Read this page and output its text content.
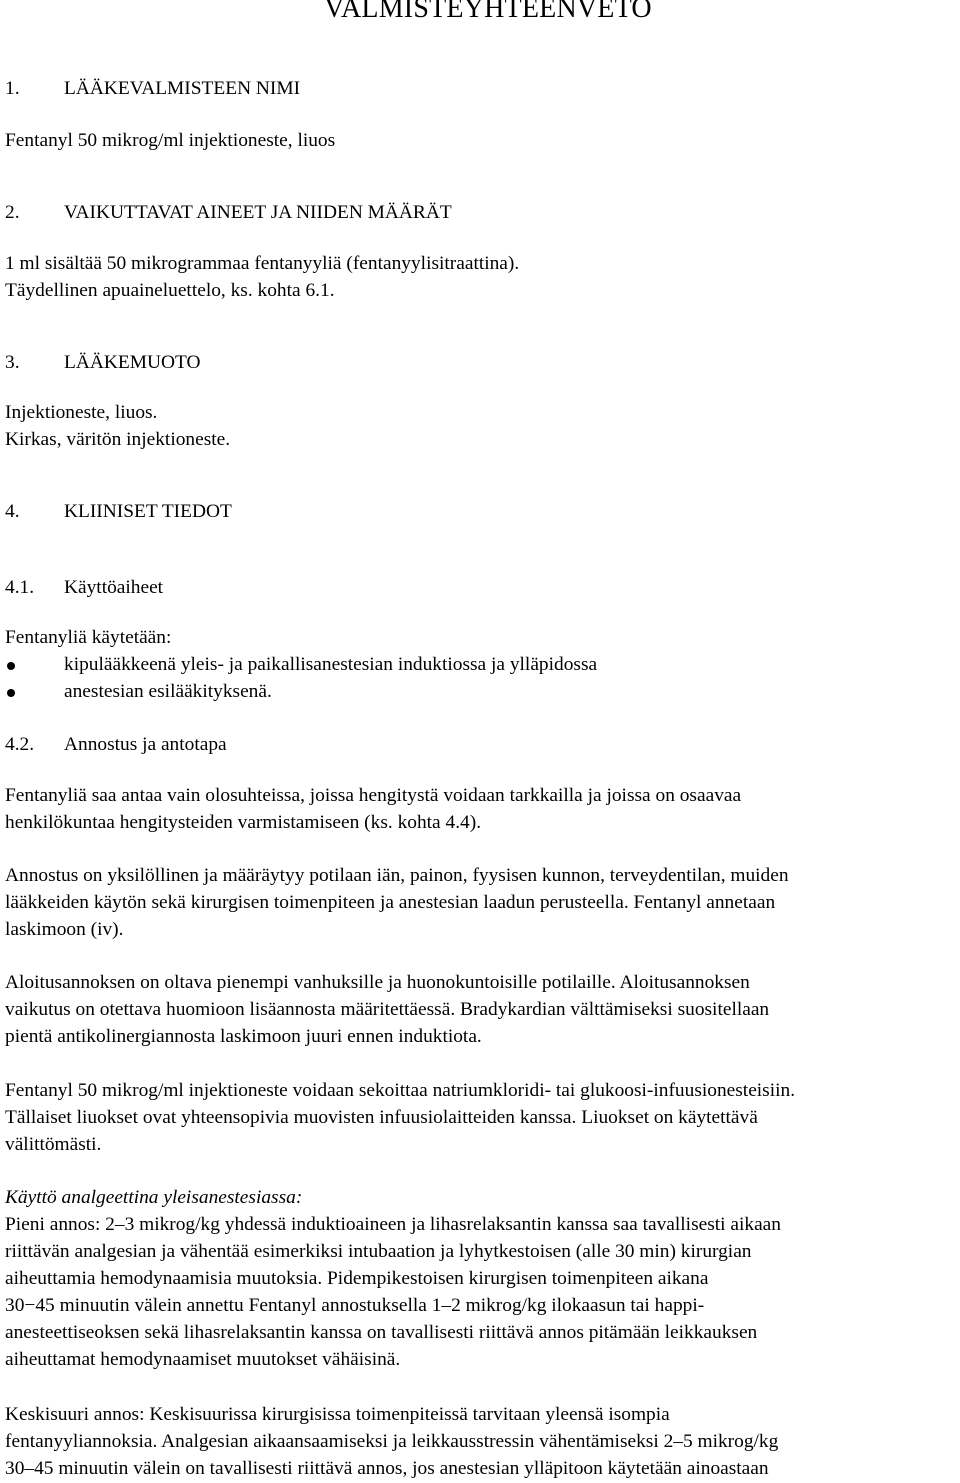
VALMISTEYHTEENVETO
1. LÄÄKEVALMISTEEN NIMI
Fentanyl 50 mikrog/ml injektioneste, liuos
2. VAIKUTTAVAT AINEET JA NIIDEN MÄÄRÄT
1 ml sisältää 50 mikrogrammaa fentanyyliä (fentanyylisitraattina).
Täydellinen apuaineluettelo, ks. kohta 6.1.
3. LÄÄKEMUOTO
Injektioneste, liuos.
Kirkas, väritön injektioneste.
4. KLIINISET TIEDOT
4.1. Käyttöaiheet
Fentanyliä käytetään:
kipulääkkeenä yleis- ja paikallisanestesian induktiossa ja ylläpidossa
anestesian esilääkityksenä.
4.2. Annostus ja antotapa
Fentanyliä saa antaa vain olosuhteissa, joissa hengitystä voidaan tarkkailla ja joissa on osaavaa
henkilökuntaa hengitysteiden varmistamiseen (ks. kohta 4.4).
Annostus on yksilöllinen ja määräytyy potilaan iän, painon, fyysisen kunnon, terveydentilan, muiden
lääkkeiden käytön sekä kirurgisen toimenpiteen ja anestesian laadun perusteella. Fentanyl annetaan
laskimoon (iv).
Aloitusannoksen on oltava pienempi vanhuksille ja huonokuntoisille potilaille. Aloitusannoksen
vaikutus on otettava huomioon lisäannosta määritettäessä. Bradykardian välttämiseksi suositellaan
pientä antikolinergiannosta laskimoon juuri ennen induktiota.
Fentanyl 50 mikrog/ml injektioneste voidaan sekoittaa natriumkloridi- tai glukoosi-infuusionesteisiin.
Tällaiset liuokset ovat yhteensopivia muovisten infuusiolaitteiden kanssa. Liuokset on käytettävä
välittömästi.
Käyttö analgeettina yleisanestesiassa:
Pieni annos: 2–3 mikrog/kg yhdessä induktioaineen ja lihasrelaksantin kanssa saa tavallisesti aikaan
riittävän analgesian ja vähentää esimerkiksi intubaation ja lyhytkestoisen (alle 30 min) kirurgian
aiheuttamia hemodynaamisia muutoksia. Pidempikestoisen kirurgisen toimenpiteen aikana
30−45 minuutin välein annettu Fentanyl annostuksella 1–2 mikrog/kg ilokaasun tai happi-
anesteettiseoksen sekä lihasrelaksantin kanssa on tavallisesti riittävä annos pitämään leikkauksen
aiheuttamat hemodynaamiset muutokset vähäisinä.
Keskisuuri annos: Keskisuurissa kirurgisissa toimenpiteissä tarvitaan yleensä isompia
fentanyyliannoksia. Analgesian aikaansaamiseksi ja leikkausstressin vähentämiseksi 2–5 mikrog/kg
30–45 minuutin välein on tavallisesti riittävä annos, jos anestesian ylläpitoon käytetään ainoastaan
